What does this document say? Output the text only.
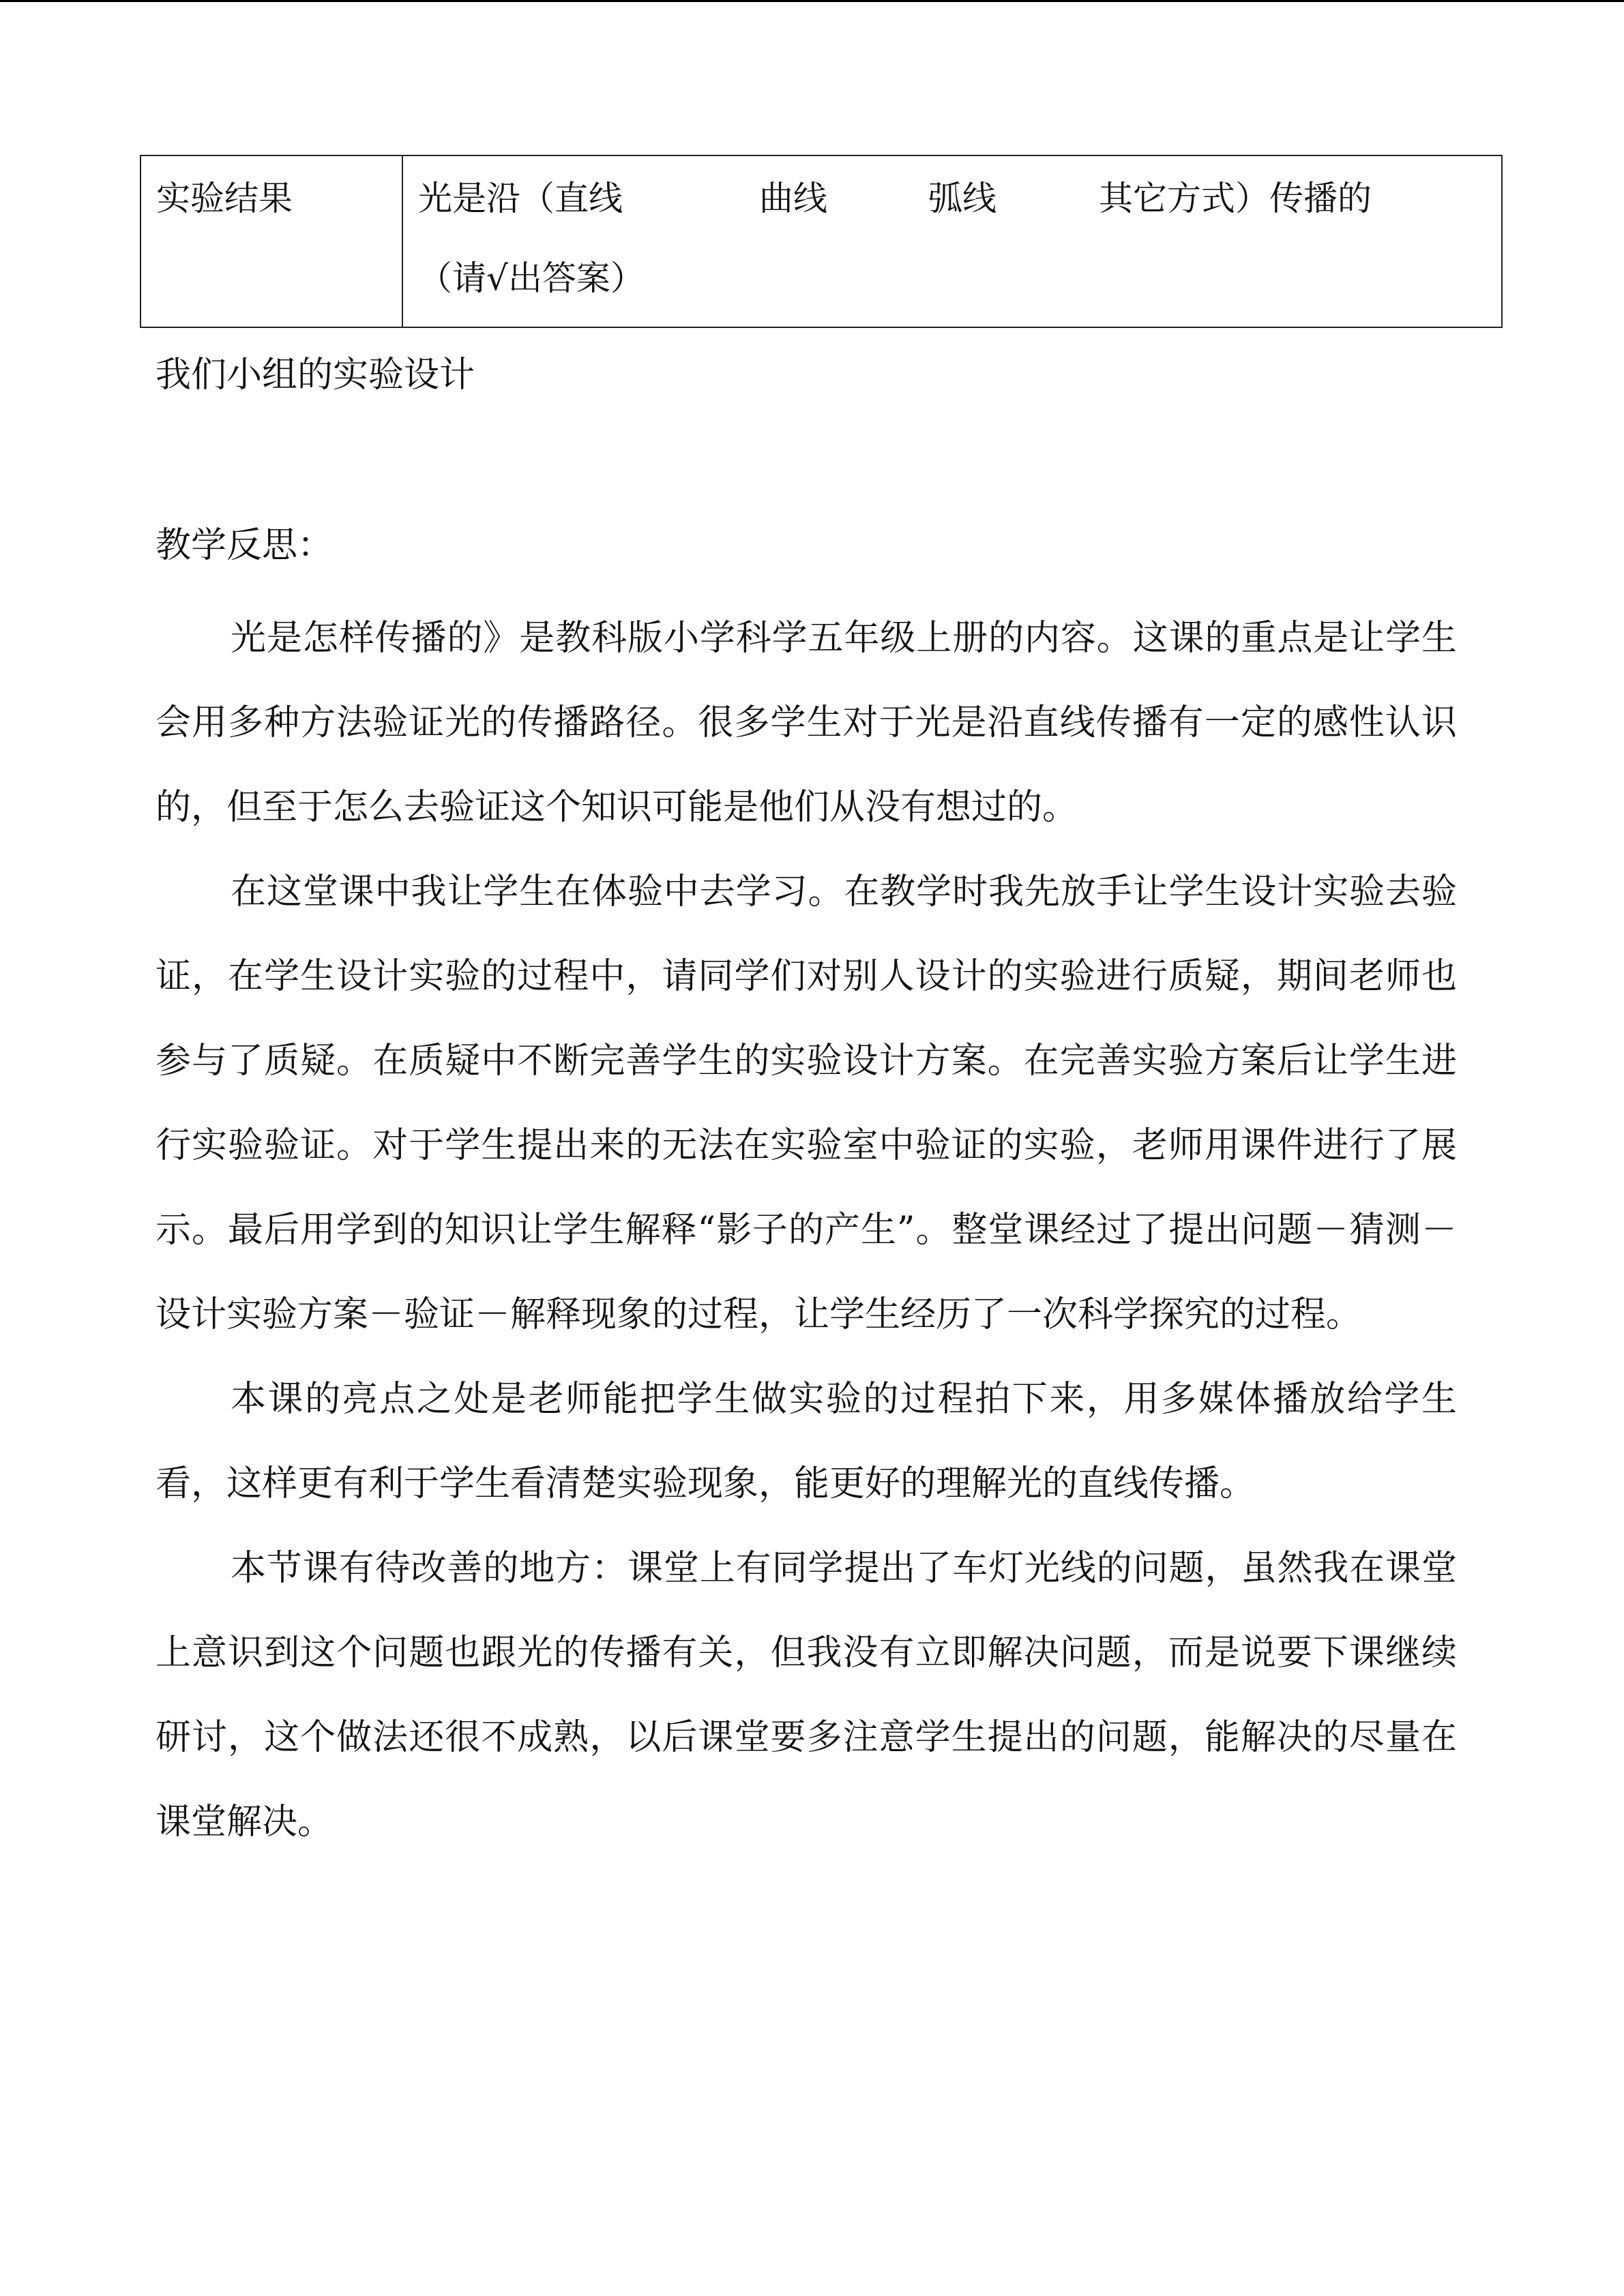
实验结果	光是沿（直线	曲线	弧线	其它方式）传播的
（请√出答案）
我们小组的实验设计
教学反思：

光是怎样传播的》是教科版小学科学五年级上册的内容。这课的重点是让学生会用多种方法验证光的传播路径。很多学生对于光是沿直线传播有一定的感性认识的，但至于怎么去验证这个知识可能是他们从没有想过的。

在这堂课中我让学生在体验中去学习。在教学时我先放手让学生设计实验去验证，在学生设计实验的过程中，请同学们对别人设计的实验进行质疑，期间老师也参与了质疑。在质疑中不断完善学生的实验设计方案。在完善实验方案后让学生进行实验验证。对于学生提出来的无法在实验室中验证的实验，老师用课件进行了展示。最后用学到的知识让学生解释“影子的产生”。整堂课经过了提出问题－猜测－设计实验方案－验证－解释现象的过程，让学生经历了一次科学探究的过程。

本课的亮点之处是老师能把学生做实验的过程拍下来，用多媒体播放给学生看，这样更有利于学生看清楚实验现象，能更好的理解光的直线传播。

本节课有待改善的地方：课堂上有同学提出了车灯光线的问题，虽然我在课堂上意识到这个问题也跟光的传播有关，但我没有立即解决问题，而是说要下课继续研讨，这个做法还很不成熟，以后课堂要多注意学生提出的问题，能解决的尽量在课堂解决。
